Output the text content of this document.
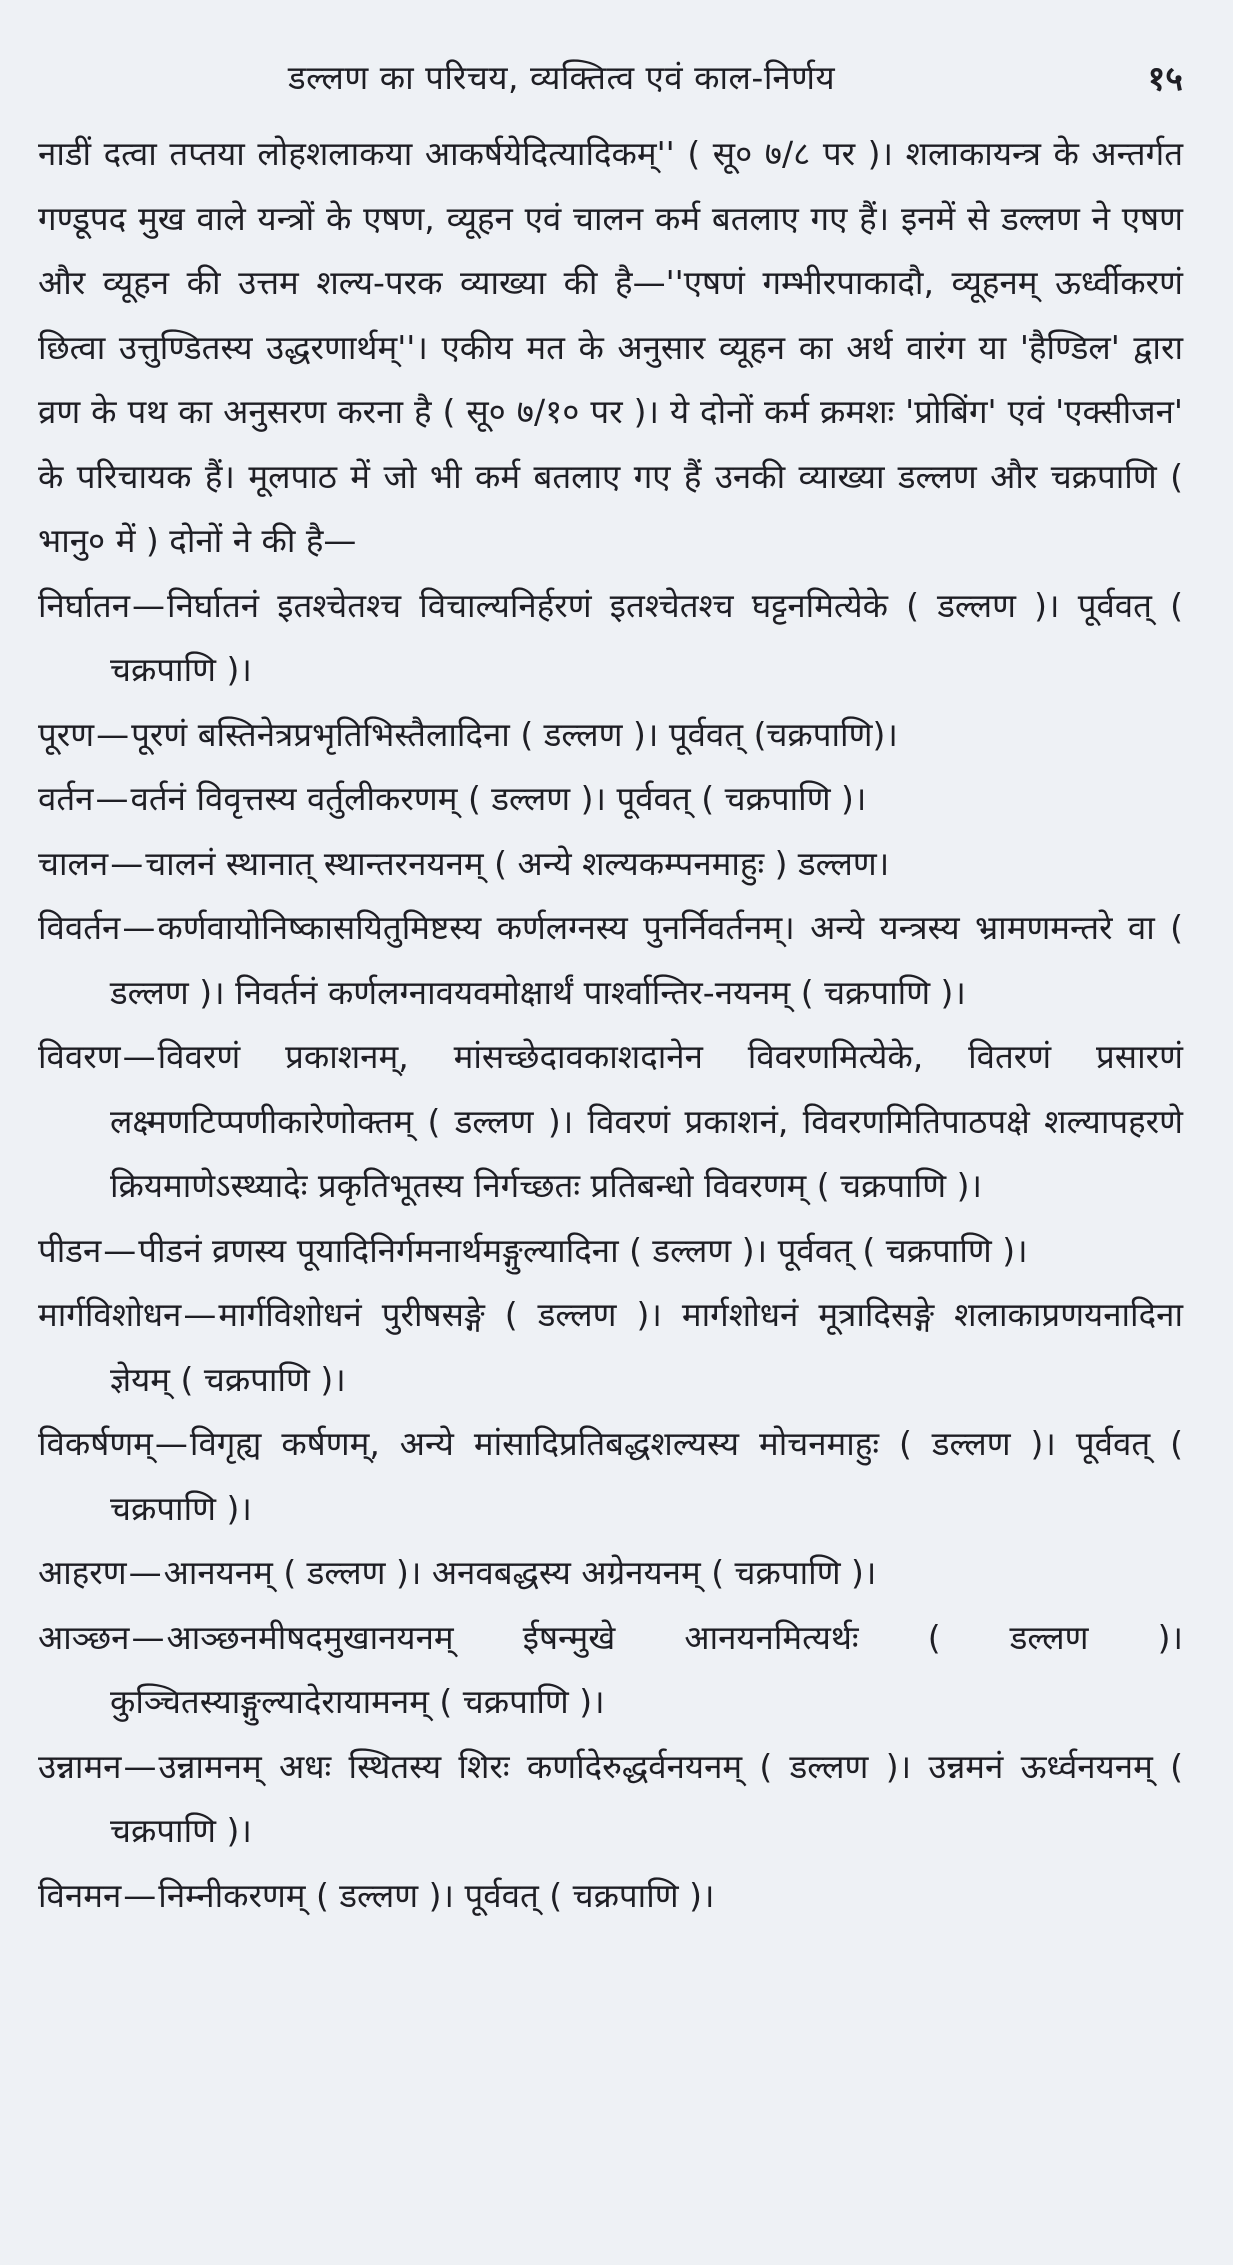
डल्लण का परिचय, व्यक्तित्व एवं काल-निर्णय	१५

नाडीं दत्वा तप्तया लोहशलाकया आकर्षयेदित्यादिकम्'' ( सू० ७/८ पर )। शलाकायन्त्र के अन्तर्गत गण्डूपद मुख वाले यन्त्रों के एषण, व्यूहन एवं चालन कर्म बतलाए गए हैं। इनमें से डल्लण ने एषण और व्यूहन की उत्तम शल्य-परक व्याख्या की है—''एषणं गम्भीरपाकादौ, व्यूहनम् ऊर्ध्वीकरणं छित्वा उत्तुण्डितस्य उद्धरणार्थम्''। एकीय मत के अनुसार व्यूहन का अर्थ वारंग या 'हैण्डिल' द्वारा व्रण के पथ का अनुसरण करना है ( सू० ७/१० पर )। ये दोनों कर्म क्रमशः 'प्रोबिंग' एवं 'एक्सीजन' के परिचायक हैं। मूलपाठ में जो भी कर्म बतलाए गए हैं उनकी व्याख्या डल्लण और चक्रपाणि ( भानु० में ) दोनों ने की है—

निर्घातन—निर्घातनं इतश्चेतश्च विचाल्यनिर्हरणं इतश्चेतश्च घट्टनमित्येके ( डल्लण )। पूर्ववत् ( चक्रपाणि )।

पूरण—पूरणं बस्तिनेत्रप्रभृतिभिस्तैलादिना ( डल्लण )। पूर्ववत् (चक्रपाणि)।

वर्तन—वर्तनं विवृत्तस्य वर्तुलीकरणम् ( डल्लण )। पूर्ववत् ( चक्रपाणि )।

चालन—चालनं स्थानात् स्थान्तरनयनम् ( अन्ये शल्यकम्पनमाहुः ) डल्लण।

विवर्तन—कर्णवायोनिष्कासयितुमिष्टस्य कर्णलग्नस्य पुनर्निवर्तनम्। अन्ये यन्त्रस्य भ्रामणमन्तरे वा ( डल्लण )। निवर्तनं कर्णलग्नावयवमोक्षार्थं पार्श्वान्तिर-नयनम् ( चक्रपाणि )।

विवरण—विवरणं प्रकाशनम्, मांसच्छेदावकाशदानेन विवरणमित्येके, वितरणं प्रसारणं लक्ष्मणटिप्पणीकारेणोक्तम् ( डल्लण )। विवरणं प्रकाशनं, विवरणमितिपाठपक्षे शल्यापहरणे क्रियमाणेऽस्थ्यादेः प्रकृतिभूतस्य निर्गच्छतः प्रतिबन्धो विवरणम् ( चक्रपाणि )।

पीडन—पीडनं व्रणस्य पूयादिनिर्गमनार्थमङ्गुल्यादिना ( डल्लण )। पूर्ववत् ( चक्रपाणि )।

मार्गविशोधन—मार्गविशोधनं पुरीषसङ्गे ( डल्लण )। मार्गशोधनं मूत्रादिसङ्गे शलाकाप्रणयनादिना ज्ञेयम् ( चक्रपाणि )।

विकर्षणम्—विगृह्य कर्षणम्, अन्ये मांसादिप्रतिबद्धशल्यस्य मोचनमाहुः ( डल्लण )। पूर्ववत् ( चक्रपाणि )।

आहरण—आनयनम् ( डल्लण )। अनवबद्धस्य अग्रेनयनम् ( चक्रपाणि )।

आञ्छन—आञ्छनमीषदमुखानयनम् ईषन्मुखे आनयनमित्यर्थः ( डल्लण )। कुञ्चितस्याङ्गुल्यादेरायामनम् ( चक्रपाणि )।

उन्नामन—उन्नामनम् अधः स्थितस्य शिरः कर्णादेरुद्धर्वनयनम् ( डल्लण )। उन्नमनं ऊर्ध्वनयनम् ( चक्रपाणि )।

विनमन—निम्नीकरणम् ( डल्लण )। पूर्ववत् ( चक्रपाणि )।
